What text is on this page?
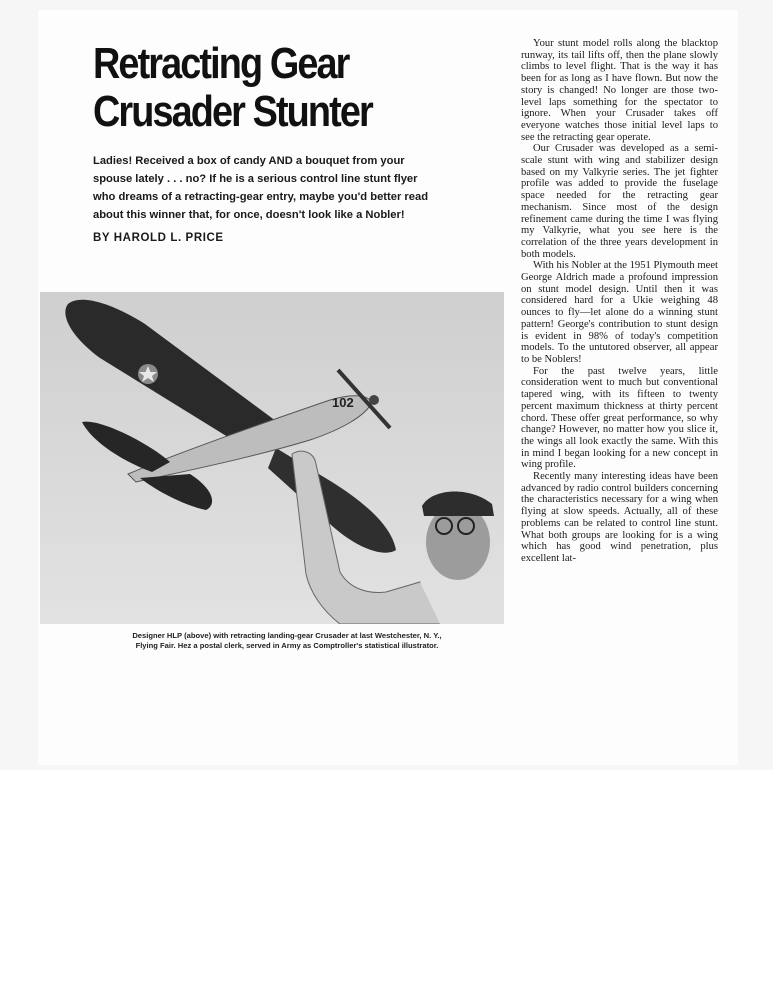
Retracting Gear
Crusader Stunter

Ladies! Received a box of candy AND a bouquet from your spouse lately . . . no? If he is a serious control line stunt flyer who dreams of a retracting-gear entry, maybe you'd better read about this winner that, for once, doesn't look like a Nobler!

BY HAROLD L. PRICE

102

Designer HLP (above) with retracting landing-gear Crusader at last Westchester, N. Y.,
Flying Fair. Hez a postal clerk, served in Army as Comptroller's statistical illustrator.

Your stunt model rolls along the blacktop runway, its tail lifts off, then the plane slowly climbs to level flight. That is the way it has been for as long as I have flown. But now the story is changed! No longer are those two-level laps something for the spectator to ignore. When your Crusader takes off everyone watches those initial level laps to see the retracting gear operate.

Our Crusader was developed as a semi-scale stunt with wing and stabilizer design based on my Valkyrie series. The jet fighter profile was added to provide the fuselage space needed for the retracting gear mechanism. Since most of the design refinement came during the time I was flying my Valkyrie, what you see here is the correlation of the three years development in both models.

With his Nobler at the 1951 Plymouth meet George Aldrich made a profound impression on stunt model design. Until then it was considered hard for a Ukie weighing 48 ounces to fly—let alone do a winning stunt pattern! George's contribution to stunt design is evident in 98% of today's competition models. To the untutored observer, all appear to be Noblers!

For the past twelve years, little consideration went to much but conventional tapered wing, with its fifteen to twenty percent maximum thickness at thirty percent chord. These offer great performance, so why change? However, no matter how you slice it, the wings all look exactly the same. With this in mind I began looking for a new concept in wing profile.

Recently many interesting ideas have been advanced by radio control builders concerning the characteristics necessary for a wing when flying at slow speeds. Actually, all of these problems can be related to control line stunt. What both groups are looking for is a wing which has good wind penetration, plus excellent lat-
